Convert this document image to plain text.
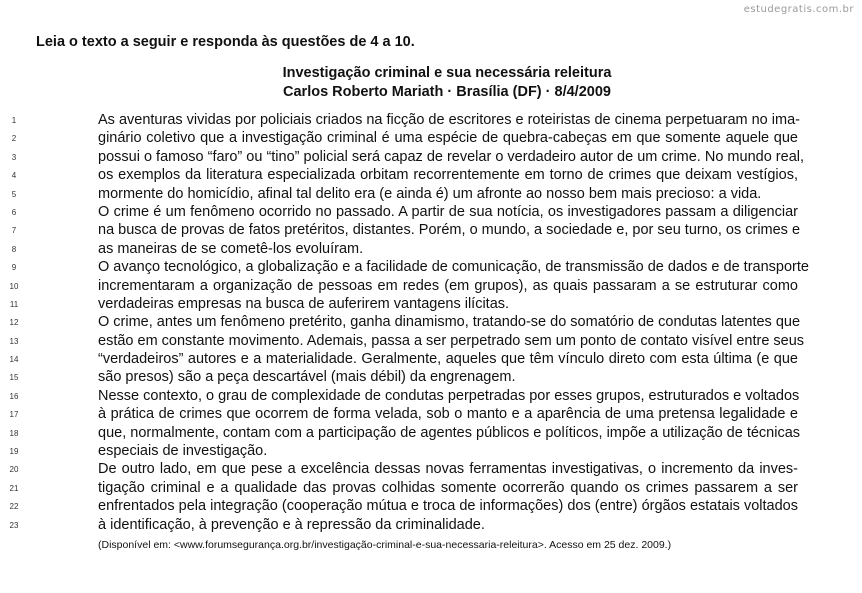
estudegratis.com.br
Leia o texto a seguir e responda às questões de 4 a 10.
Investigação criminal e sua necessária releitura
Carlos Roberto Mariath · Brasília (DF) · 8/4/2009
1	As aventuras vividas por policiais criados na ficção de escritores e roteiristas de cinema perpetuaram no ima-
2	ginário coletivo que a investigação criminal é uma espécie de quebra-cabeças em que somente aquele que
3	possui o famoso “faro” ou “tino” policial será capaz de revelar o verdadeiro autor de um crime. No mundo real,
4	os exemplos da literatura especializada orbitam recorrentemente em torno de crimes que deixam vestígios,
5	mormente do homicídio, afinal tal delito era (e ainda é) um afronte ao nosso bem mais precioso: a vida.
6	O crime é um fenômeno ocorrido no passado. A partir de sua notícia, os investigadores passam a diligenciar
7	na busca de provas de fatos pretéritos, distantes. Porém, o mundo, a sociedade e, por seu turno, os crimes e
8	as maneiras de se cometê-los evoluíram.
9	O avanço tecnológico, a globalização e a facilidade de comunicação, de transmissão de dados e de transporte
10	incrementaram a organização de pessoas em redes (em grupos), as quais passaram a se estruturar como
11	verdadeiras empresas na busca de auferirem vantagens ilícitas.
12	O crime, antes um fenômeno pretérito, ganha dinamismo, tratando-se do somatório de condutas latentes que
13	estão em constante movimento. Ademais, passa a ser perpetrado sem um ponto de contato visível entre seus
14	“verdadeiros” autores e a materialidade. Geralmente, aqueles que têm vínculo direto com esta última (e que
15	são presos) são a peça descartável (mais débil) da engrenagem.
16	Nesse contexto, o grau de complexidade de condutas perpetradas por esses grupos, estruturados e voltados
17	à prática de crimes que ocorrem de forma velada, sob o manto e a aparência de uma pretensa legalidade e
18	que, normalmente, contam com a participação de agentes públicos e políticos, impõe a utilização de técnicas
19	especiais de investigação.
20	De outro lado, em que pese a excelência dessas novas ferramentas investigativas, o incremento da inves-
21	tigação criminal e a qualidade das provas colhidas somente ocorrerão quando os crimes passarem a ser
22	enfrentados pela integração (cooperação mútua e troca de informações) dos (entre) órgãos estatais voltados
23	à identificação, à prevenção e à repressão da criminalidade.
(Disponível em: <www.forumsegurança.org.br/investigação-criminal-e-sua-necessaria-releitura>. Acesso em 25 dez. 2009.)
